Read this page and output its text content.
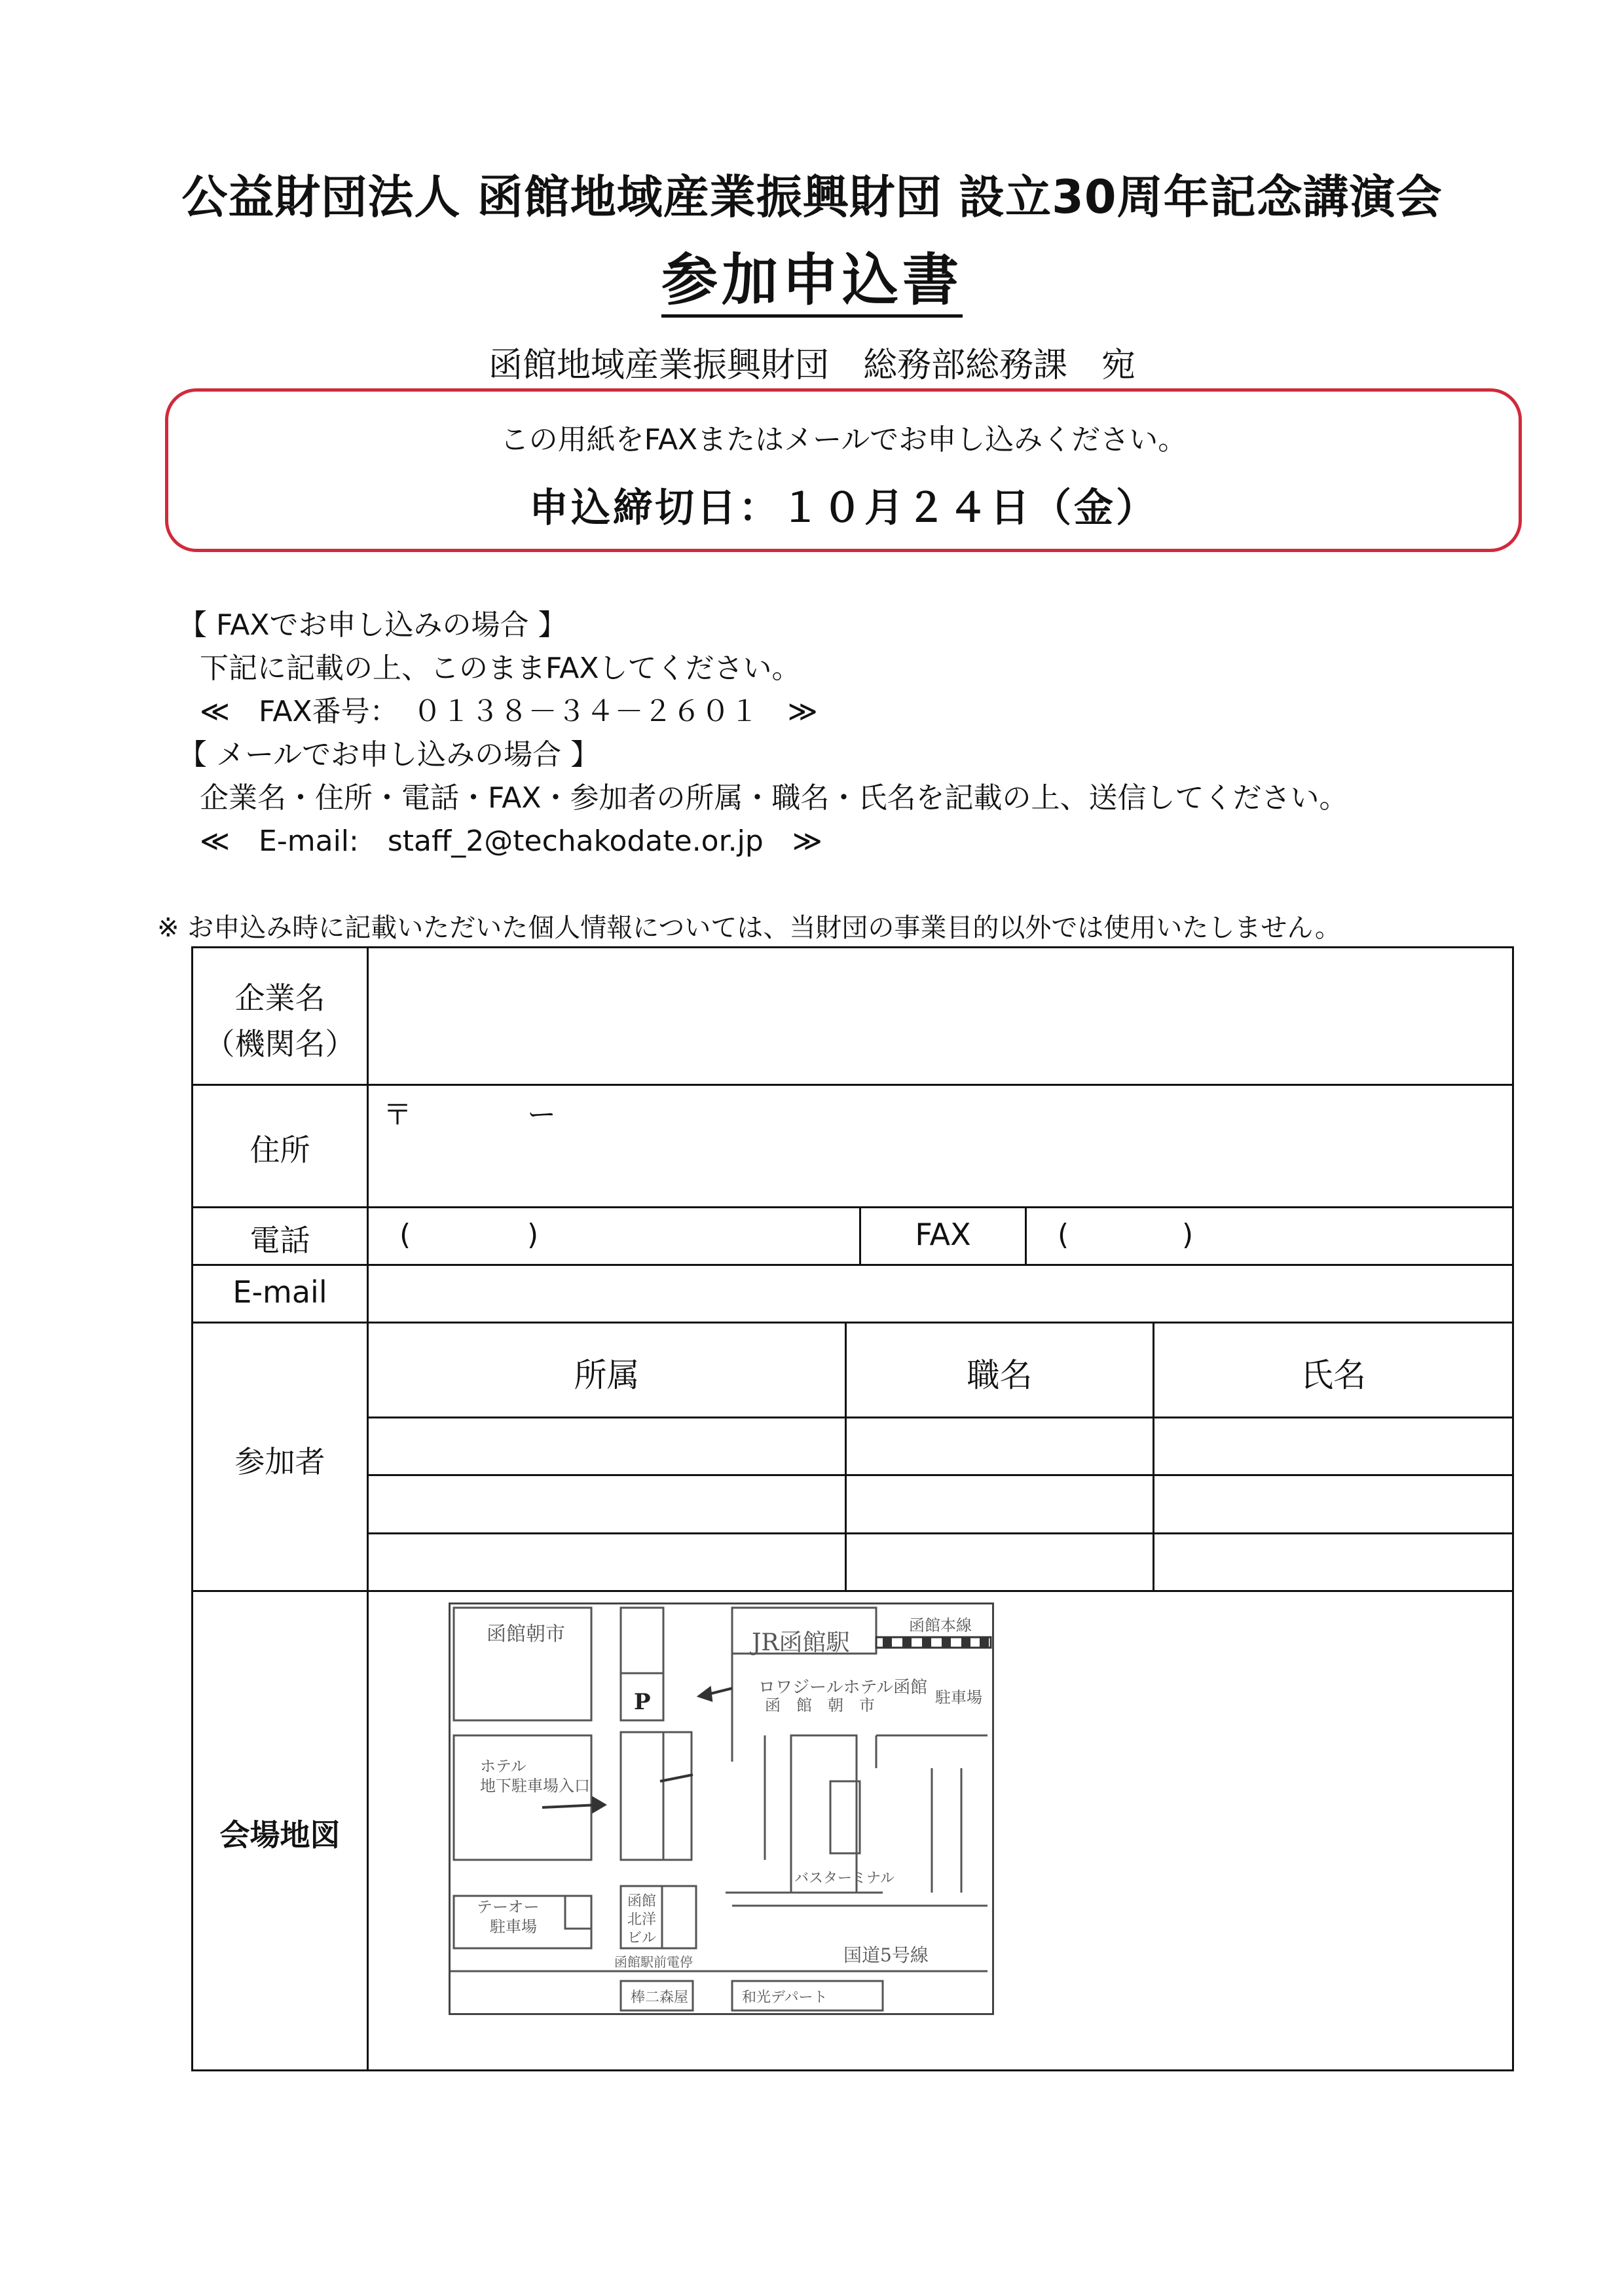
公益財団法人 函館地域産業振興財団 設立30周年記念講演会
参加申込書
函館地域産業振興財団　総務部総務課　宛
この用紙をFAXまたはメールでお申し込みください。
申込締切日：１０月２４日（金）
【 FAXでお申し込みの場合 】
下記に記載の上、このままFAXしてください。
≪　FAX番号：　０１３８－３４－２６０１　≫
【 メールでお申し込みの場合 】
企業名・住所・電話・FAX・参加者の所属・職名・氏名を記載の上、送信してください。
≪　E-mail:　staff_2@techakodate.or.jp　≫
※ お申込み時に記載いただいた個人情報については、当財団の事業目的以外では使用いたしません。
企業名
（機関名）
住所
〒	ー
電話	(	)	FAX	(	)
E-mail
参加者
所属	職名	氏名
会場地図
函館朝市	JR函館駅
函館本線
P
ロワジールホテル函館
函　館　朝　市	駐車場
ホテル
地下駐車場入口
テーオー
駐車場
函館
北洋
ビル
バスターミナル
函館駅前電停	国道5号線
棒二森屋	和光デパート
